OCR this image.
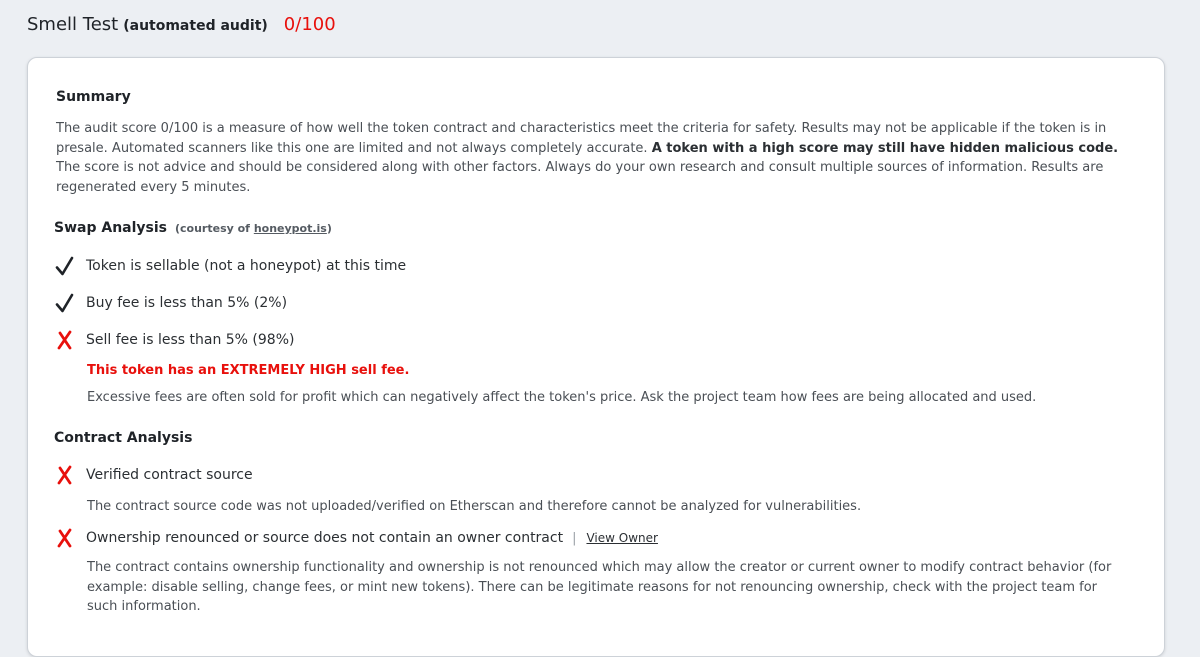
Smell Test (automated audit) 0/100
Summary
The audit score 0/100 is a measure of how well the token contract and characteristics meet the criteria for safety. Results may not be applicable if the token is in presale. Automated scanners like this one are limited and not always completely accurate. A token with a high score may still have hidden malicious code. The score is not advice and should be considered along with other factors. Always do your own research and consult multiple sources of information. Results are regenerated every 5 minutes.
Swap Analysis (courtesy of honeypot.is)
Token is sellable (not a honeypot) at this time
Buy fee is less than 5% (2%)
Sell fee is less than 5% (98%)
This token has an EXTREMELY HIGH sell fee.
Excessive fees are often sold for profit which can negatively affect the token's price. Ask the project team how fees are being allocated and used.
Contract Analysis
Verified contract source
The contract source code was not uploaded/verified on Etherscan and therefore cannot be analyzed for vulnerabilities.
Ownership renounced or source does not contain an owner contract | View Owner
The contract contains ownership functionality and ownership is not renounced which may allow the creator or current owner to modify contract behavior (for example: disable selling, change fees, or mint new tokens). There can be legitimate reasons for not renouncing ownership, check with the project team for such information.
